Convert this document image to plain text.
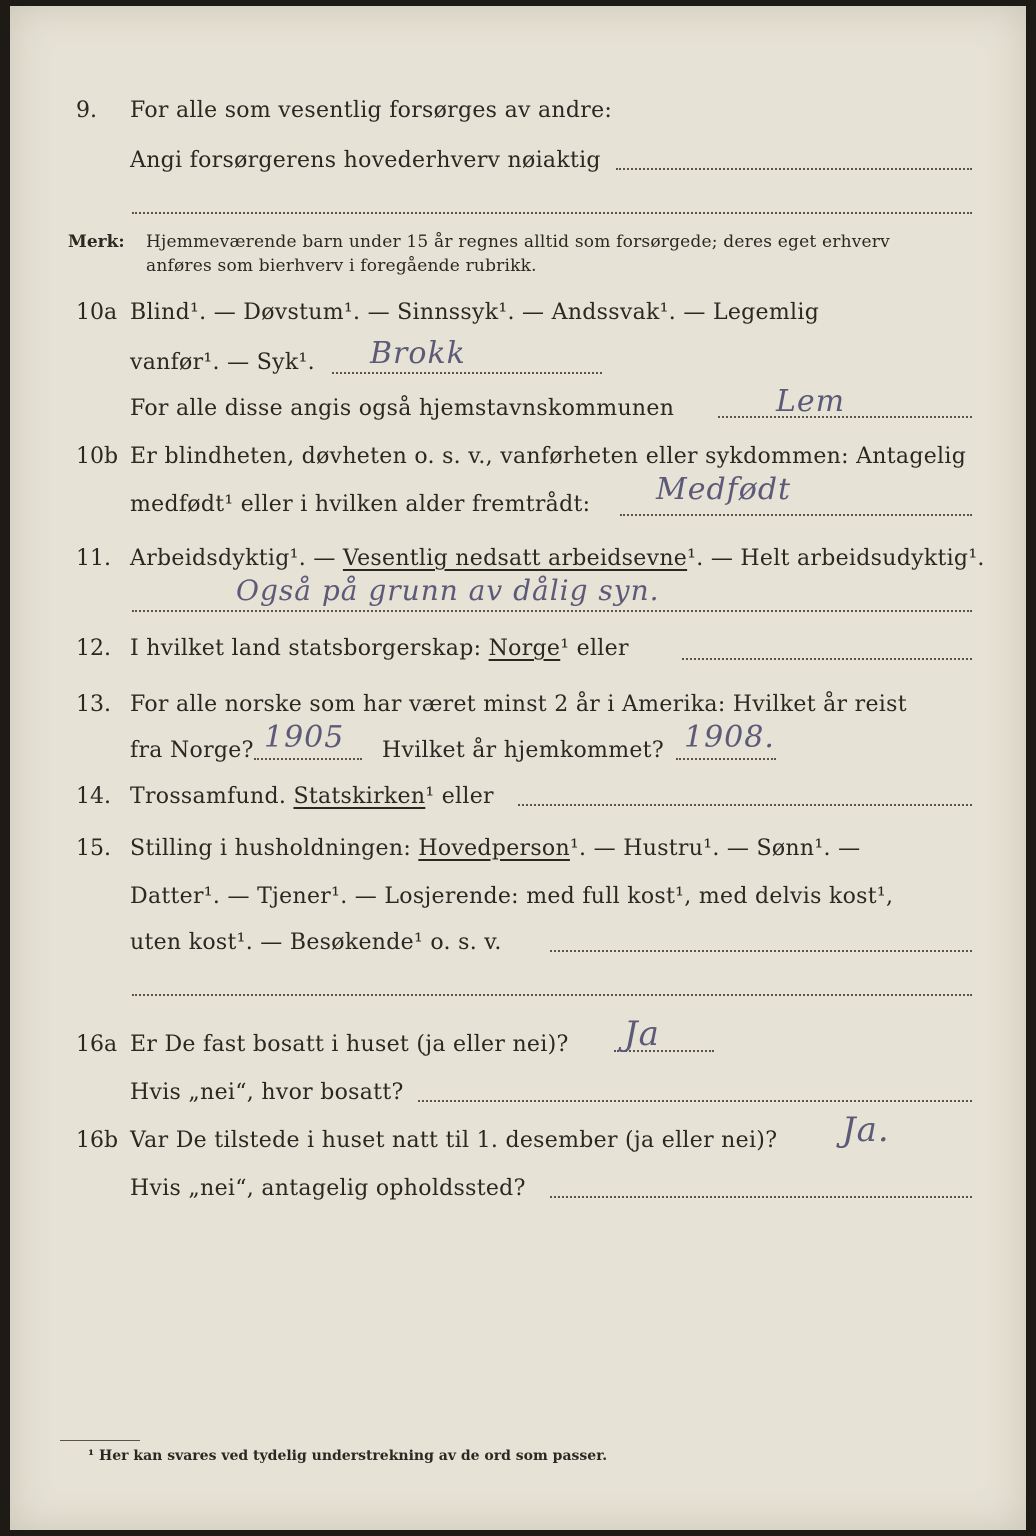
9. For alle som vesentlig forsørges av andre:
Angi forsørgerens hovederhverv nøiaktig
Merk: Hjemmeværende barn under 15 år regnes alltid som forsørgede; deres eget erhverv
anføres som bierhverv i foregående rubrikk.
10a Blind¹. — Døvstum¹. — Sinnssyk¹. — Andssvak¹. — Legemlig
vanfør¹. — Syk¹. Brokk
For alle disse angis også hjemstavnskommunen	Lem
10b Er blindheten, døvheten o. s. v., vanførheten eller sykdommen: Antagelig
medfødt¹ eller i hvilken alder fremtrådt: Medfødt
11. Arbeidsdyktig¹. — Vesentlig nedsatt arbeidsevne¹. — Helt arbeidsudyktig¹.
Også på grunn av dålig syn.
12. I hvilket land statsborgerskap: Norge¹ eller
13. For alle norske som har været minst 2 år i Amerika: Hvilket år reist
fra Norge? 1905 Hvilket år hjemkommet? 1908.
14. Trossamfund. Statskirken¹ eller
15. Stilling i husholdningen: Hovedperson¹. — Hustru¹. — Sønn¹. —
Datter¹. — Tjener¹. — Losjerende: med full kost¹, med delvis kost¹,
uten kost¹. — Besøkende¹ o. s. v.
16a Er De fast bosatt i huset (ja eller nei)? Ja
Hvis „nei“, hvor bosatt?
16b Var De tilstede i huset natt til 1. desember (ja eller nei)? Ja.
Hvis „nei“, antagelig opholdssted?
¹ Her kan svares ved tydelig understrekning av de ord som passer.
